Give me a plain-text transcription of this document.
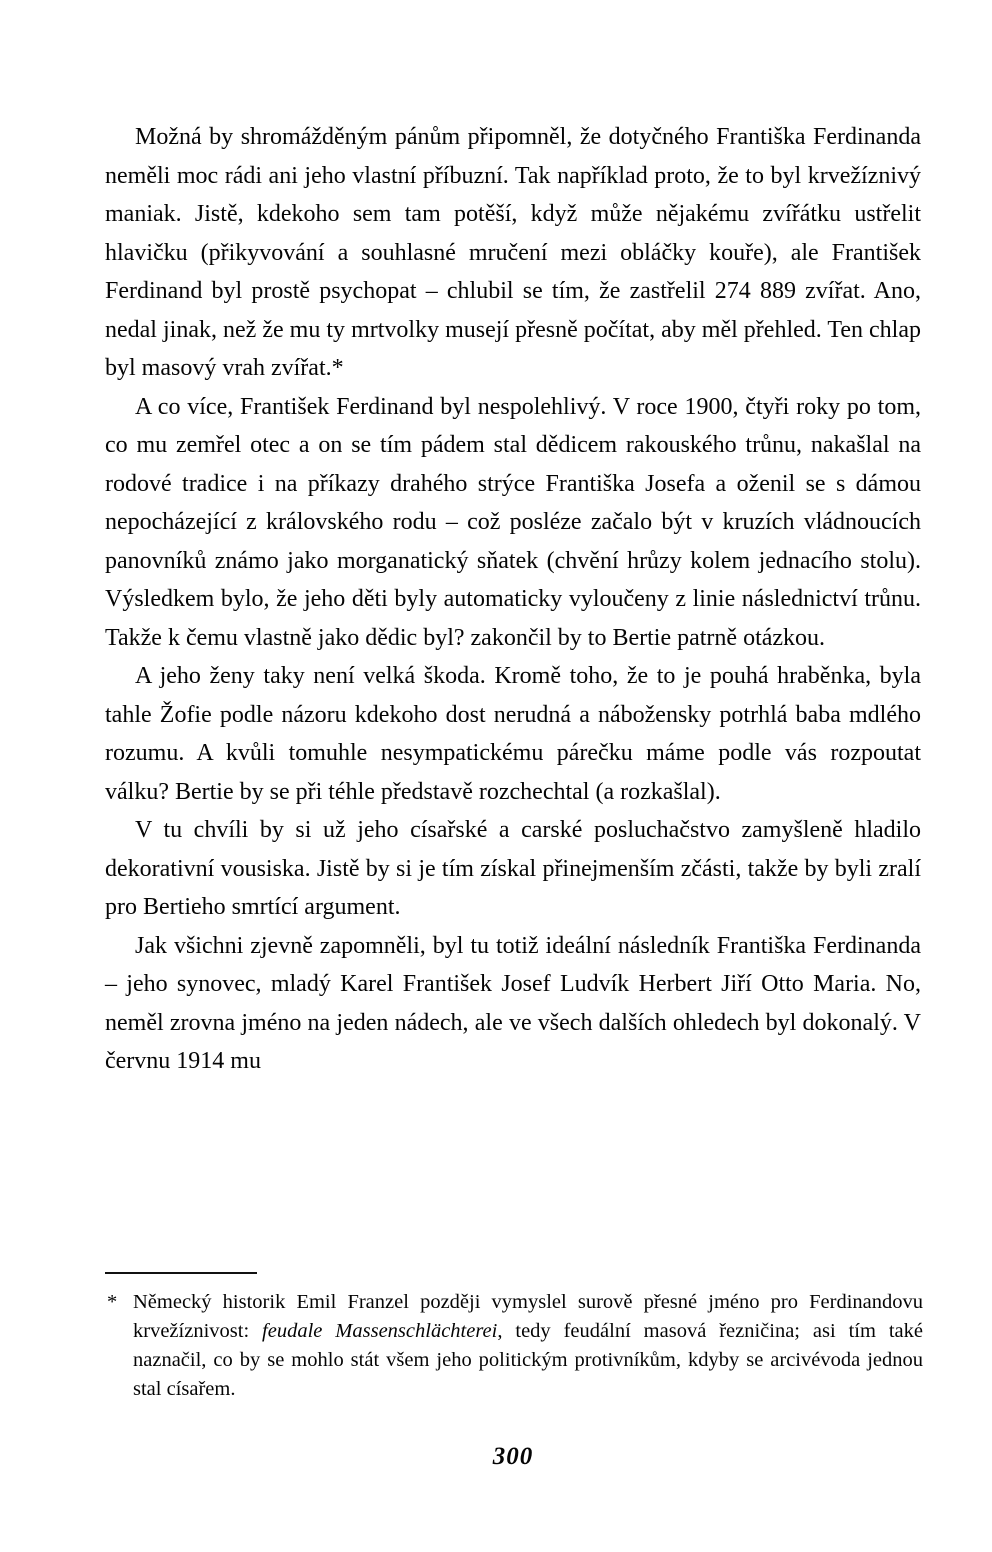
Možná by shromážděným pánům připomněl, že dotyčného Františka Ferdinanda neměli moc rádi ani jeho vlastní příbuzní. Tak například proto, že to byl krvežíznivý maniak. Jistě, kdekoho sem tam potěší, když může nějakému zvířátku ustřelit hlavičku (přikyvování a souhlasné mručení mezi obláčky kouře), ale František Ferdinand byl prostě psychopat – chlubil se tím, že zastřelil 274 889 zvířat. Ano, nedal jinak, než že mu ty mrtvolky musejí přesně počítat, aby měl přehled. Ten chlap byl masový vrah zvířat.*

A co více, František Ferdinand byl nespolehlivý. V roce 1900, čtyři roky po tom, co mu zemřel otec a on se tím pádem stal dědicem rakouského trůnu, nakašlal na rodové tradice i na příkazy drahého strýce Františka Josefa a oženil se s dámou nepocházející z královského rodu – což posléze začalo být v kruzích vládnoucích panovníků známo jako morganatický sňatek (chvění hrůzy kolem jednacího stolu). Výsledkem bylo, že jeho děti byly automaticky vyloučeny z linie následnictví trůnu. Takže k čemu vlastně jako dědic byl? zakončil by to Bertie patrně otázkou.

A jeho ženy taky není velká škoda. Kromě toho, že to je pouhá hraběnka, byla tahle Žofie podle názoru kdekoho dost nerudná a nábožensky potrhlá baba mdlého rozumu. A kvůli tomuhle nesympatickému párečku máme podle vás rozpoutat válku? Bertie by se při téhle představě rozchechtal (a rozkašlal).

V tu chvíli by si už jeho císařské a carské posluchačstvo zamyšleně hladilo dekorativní vousiska. Jistě by si je tím získal přinejmenším zčásti, takže by byli zralí pro Bertieho smrtící argument.

Jak všichni zjevně zapomněli, byl tu totiž ideální následník Františka Ferdinanda – jeho synovec, mladý Karel František Josef Ludvík Herbert Jiří Otto Maria. No, neměl zrovna jméno na jeden nádech, ale ve všech dalších ohledech byl dokonalý. V červnu 1914 mu

* Německý historik Emil Franzel později vymyslel surově přesné jméno pro Ferdinandovu krvežíznivost: feudale Massenschlächterei, tedy feudální masová řezničina; asi tím také naznačil, co by se mohlo stát všem jeho politickým protivníkům, kdyby se arcivévoda jednou stal císařem.
300
